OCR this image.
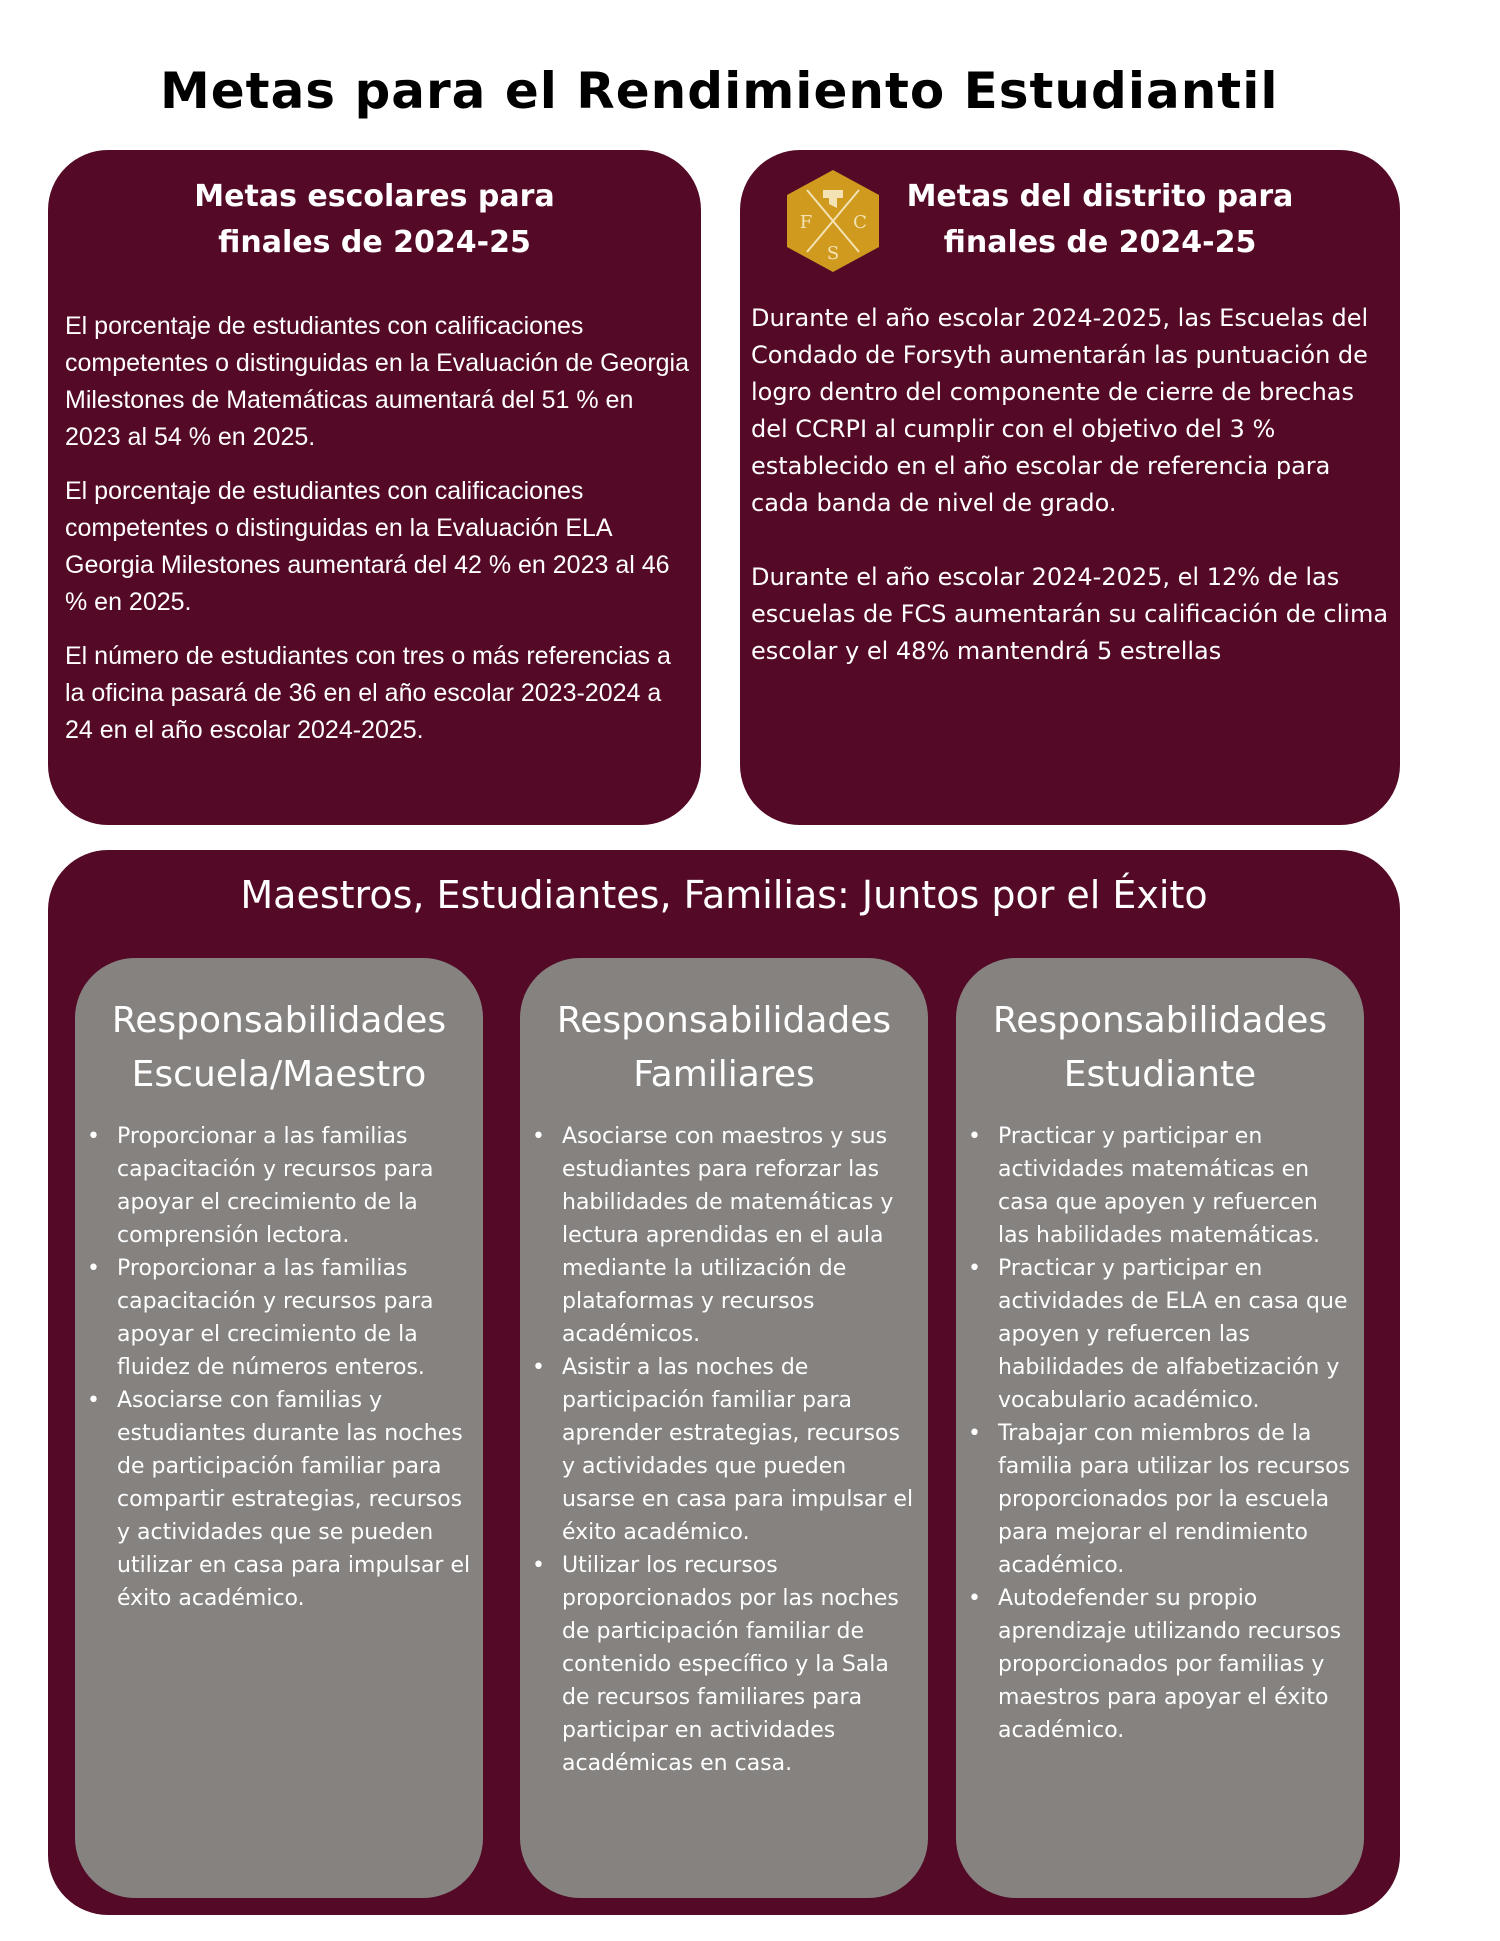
Metas para el Rendimiento Estudiantil
Metas escolares para
finales de 2024-25

El porcentaje de estudiantes con calificaciones competentes o distinguidas en la Evaluación de Georgia Milestones de Matemáticas aumentará del 51 % en 2023 al 54 % en 2025.

El porcentaje de estudiantes con calificaciones competentes o distinguidas en la Evaluación ELA Georgia Milestones aumentará del 42 % en 2023 al 46 % en 2025.

El número de estudiantes con tres o más referencias a la oficina pasará de 36 en el año escolar 2023-2024 a 24 en el año escolar 2024-2025.

F C
S
Metas del distrito para
finales de 2024-25

Durante el año escolar 2024-2025, las Escuelas del Condado de Forsyth aumentarán las puntuación de logro dentro del componente de cierre de brechas del CCRPI al cumplir con el objetivo del 3 % establecido en el año escolar de referencia para cada banda de nivel de grado.

Durante el año escolar 2024-2025, el 12% de las escuelas de FCS aumentarán su calificación de clima escolar y el 48% mantendrá 5 estrellas

Maestros, Estudiantes, Familias: Juntos por el Éxito
Responsabilidades
Escuela/Maestro
• Proporcionar a las familias capacitación y recursos para apoyar el crecimiento de la comprensión lectora.
• Proporcionar a las familias capacitación y recursos para apoyar el crecimiento de la fluidez de números enteros.
• Asociarse con familias y estudiantes durante las noches de participación familiar para compartir estrategias, recursos y actividades que se pueden utilizar en casa para impulsar el éxito académico.
Responsabilidades
Familiares
• Asociarse con maestros y sus estudiantes para reforzar las habilidades de matemáticas y lectura aprendidas en el aula mediante la utilización de plataformas y recursos académicos.
• Asistir a las noches de participación familiar para aprender estrategias, recursos y actividades que pueden usarse en casa para impulsar el éxito académico.
• Utilizar los recursos proporcionados por las noches de participación familiar de contenido específico y la Sala de recursos familiares para participar en actividades académicas en casa.
Responsabilidades
Estudiante
• Practicar y participar en actividades matemáticas en casa que apoyen y refuercen las habilidades matemáticas.
• Practicar y participar en actividades de ELA en casa que apoyen y refuercen las habilidades de alfabetización y vocabulario académico.
• Trabajar con miembros de la familia para utilizar los recursos proporcionados por la escuela para mejorar el rendimiento académico.
• Autodefender su propio aprendizaje utilizando recursos proporcionados por familias y maestros para apoyar el éxito académico.
